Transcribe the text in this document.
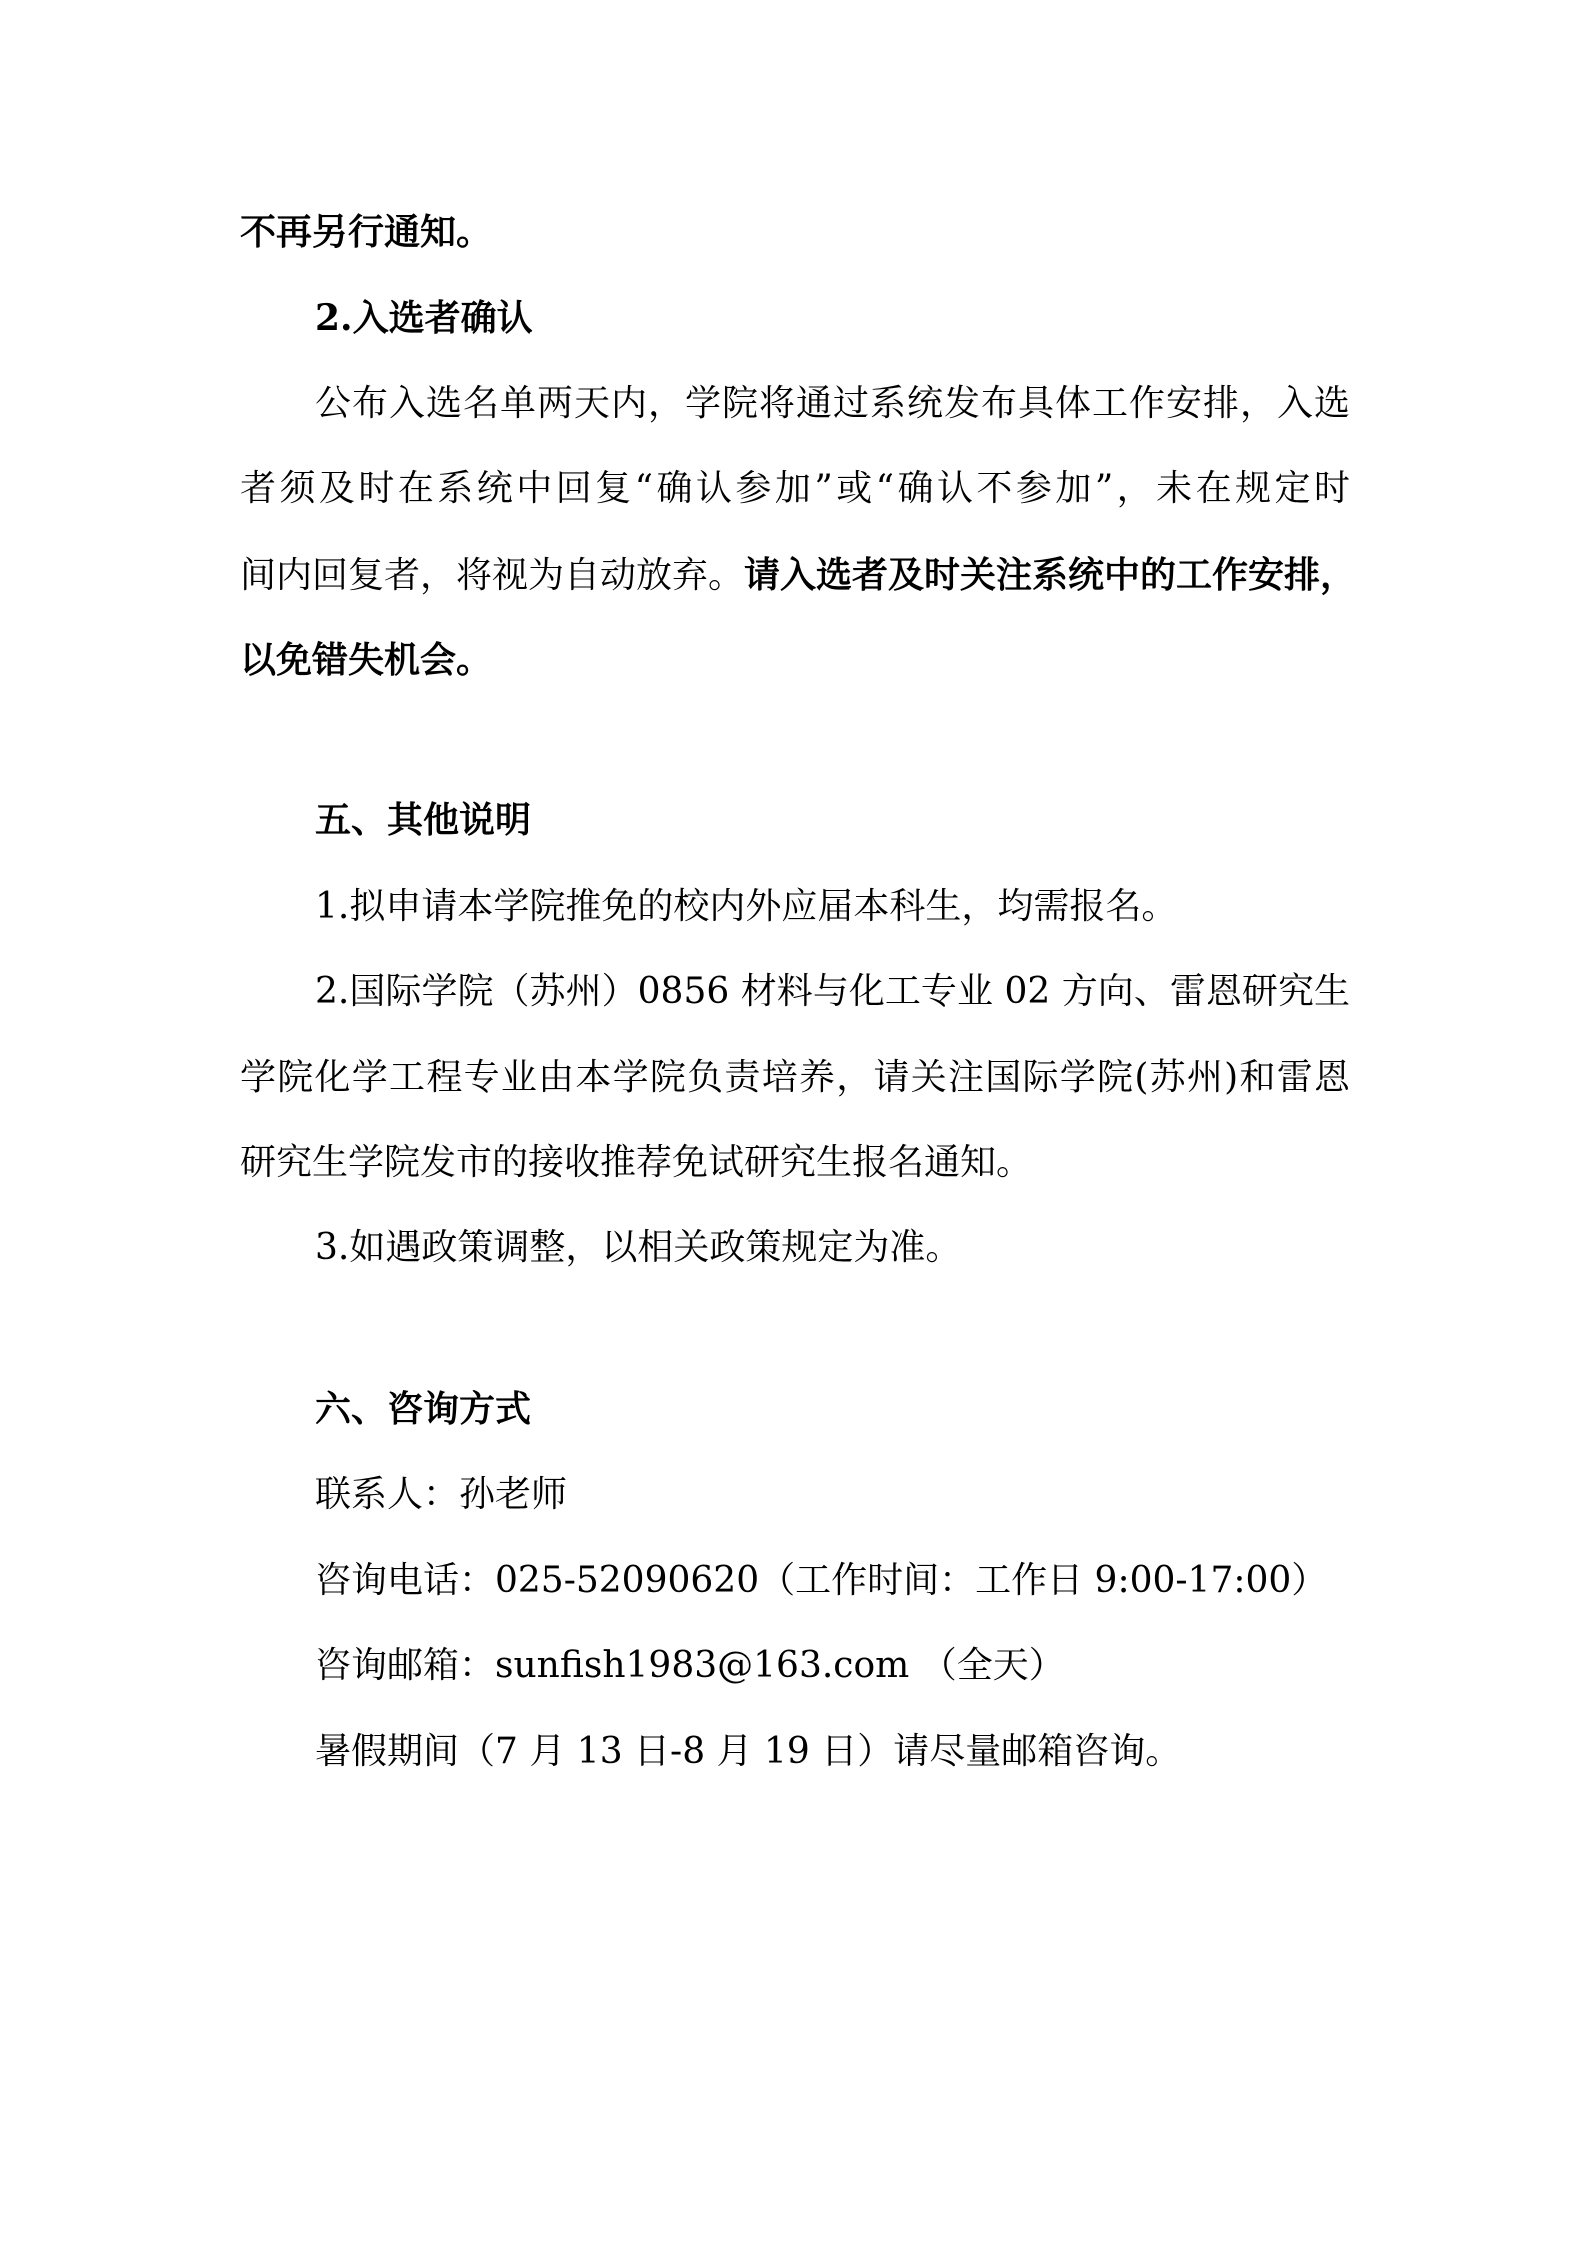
不再另行通知。
2.入选者确认
公布入选名单两天内，学院将通过系统发布具体工作安排，入选
者须及时在系统中回复“确认参加”或“确认不参加”，未在规定时
间内回复者，将视为自动放弃。请入选者及时关注系统中的工作安排，
以免错失机会。
五、其他说明
1.拟申请本学院推免的校内外应届本科生，均需报名。
2.国际学院（苏州）0856 材料与化工专业 02 方向、雷恩研究生
学院化学工程专业由本学院负责培养，请关注国际学院(苏州)和雷恩
研究生学院发市的接收推荐免试研究生报名通知。
3.如遇政策调整，以相关政策规定为准。
六、咨询方式
联系人：孙老师
咨询电话：025-52090620（工作时间：工作日 9:00-17:00）
咨询邮箱：sunfish1983@163.com （全天）
暑假期间（7 月 13 日-8 月 19 日）请尽量邮箱咨询。
